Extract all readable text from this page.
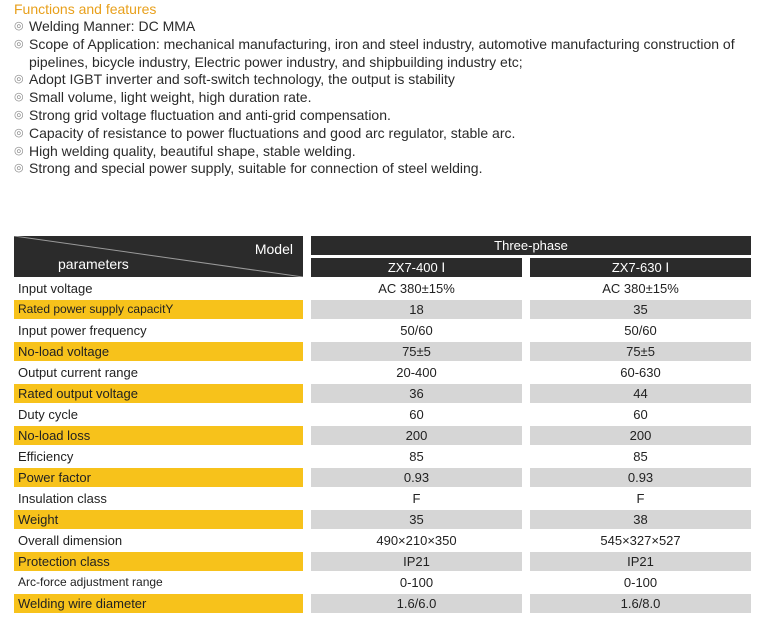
Functions and features

◎ Welding Manner: DC MMA
◎ Scope of Application: mechanical manufacturing, iron and steel industry, automotive manufacturing construction of pipelines, bicycle industry, Electric power industry, and shipbuilding industry etc;
◎ Adopt IGBT inverter and soft-switch technology, the output is stability
◎ Small volume, light weight, high duration rate.
◎ Strong grid voltage fluctuation and anti-grid compensation.
◎ Capacity of resistance to power fluctuations and good arc regulator, stable arc.
◎ High welding quality, beautiful shape, stable welding.
◎ Strong and special power supply, suitable for connection of steel welding.
Model
parameters		Three-phase		
		ZX7-400 Ⅰ		ZX7-630 Ⅰ
Input voltage		AC 380±15%		AC 380±15%
Rated power supply capacitY		18		35
Input power frequency		50/60		50/60
No-load voltage		75±5		75±5
Output current range		20-400		60-630
Rated output voltage		36		44
Duty cycle		60		60
No-load loss		200		200
Efficiency		85		85
Power factor		0.93		0.93
Insulation class		F		F
Weight		35		38
Overall dimension		490×210×350		545×327×527
Protection class		IP21		IP21
Arc-force adjustment range		0-100		0-100
Welding wire diameter		1.6/6.0		1.6/8.0
